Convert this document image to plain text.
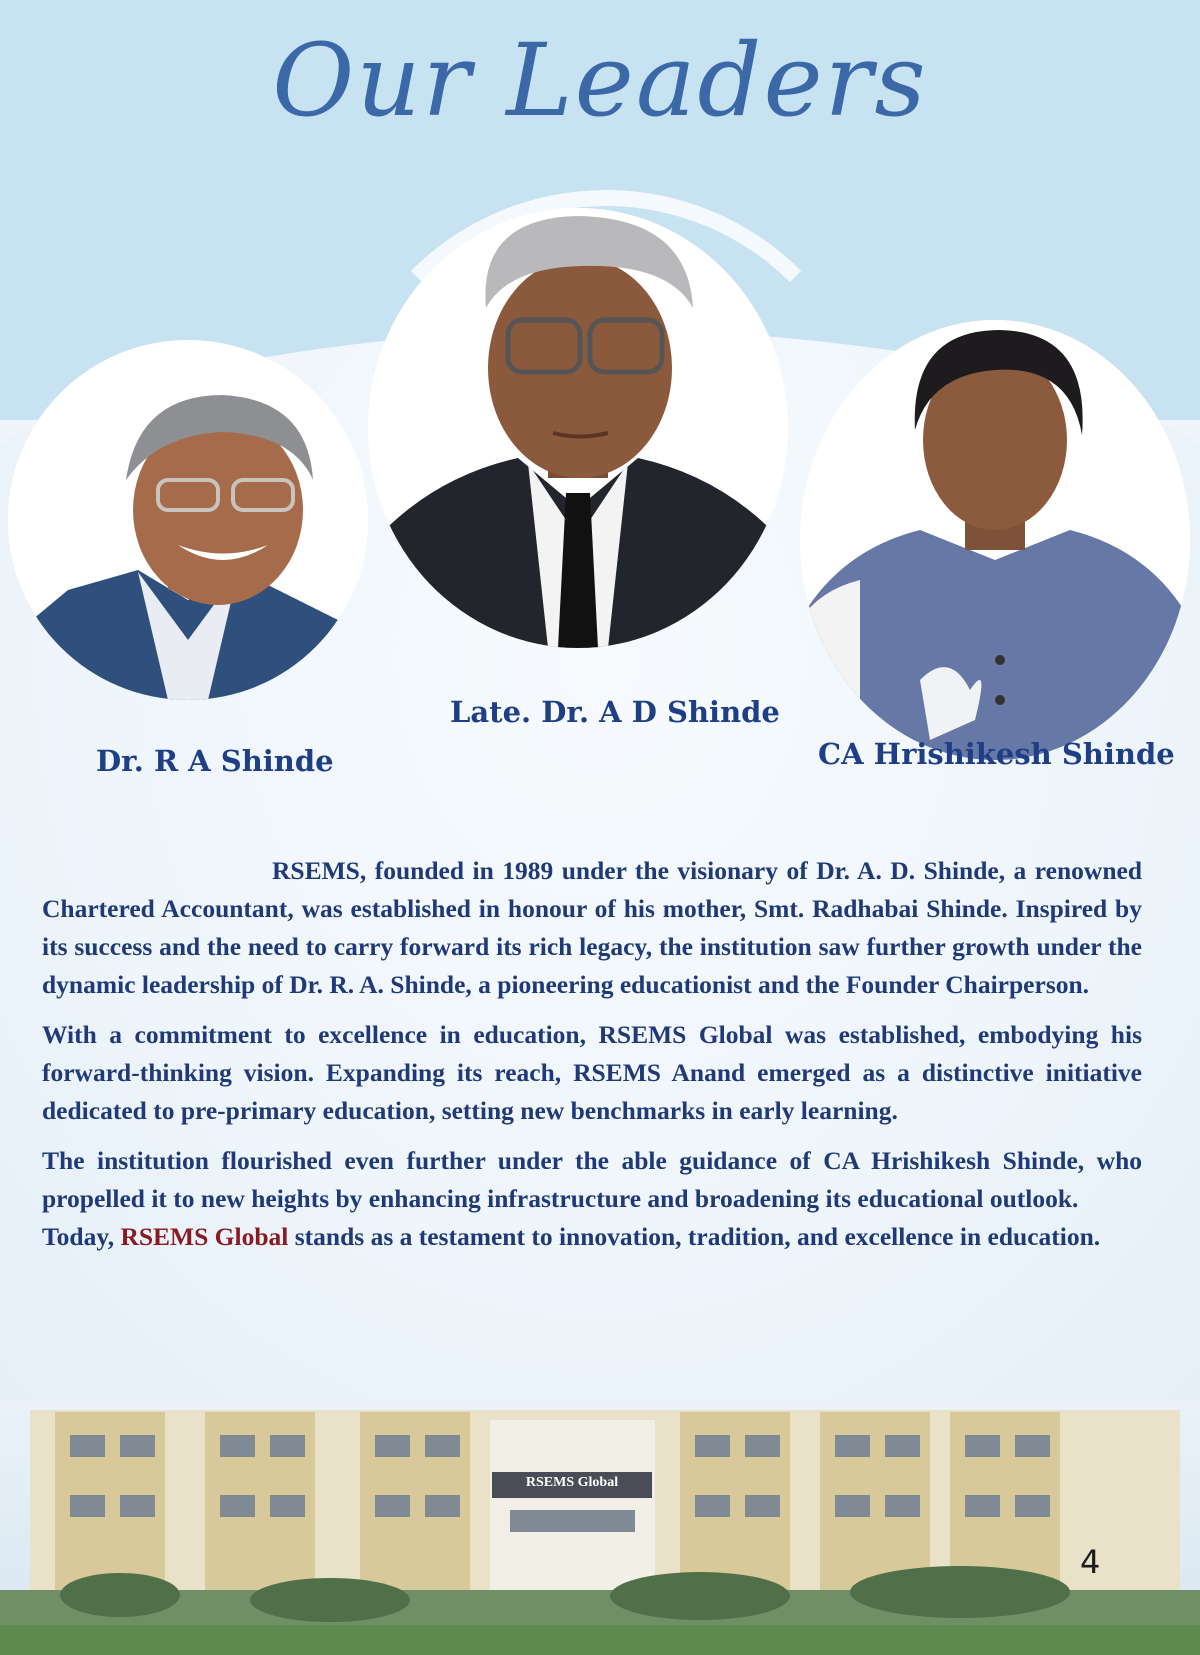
Our Leaders
Dr. R A Shinde
Late. Dr. A D Shinde
CA Hrishikesh Shinde

RSEMS, founded in 1989 under the visionary of Dr. A. D. Shinde, a renowned Chartered Accountant, was established in honour of his mother, Smt. Radhabai Shinde. Inspired by its success and the need to carry forward its rich legacy, the institution saw further growth under the dynamic leadership of Dr. R. A. Shinde, a pioneering educationist and the Founder Chairperson.

With a commitment to excellence in education, RSEMS Global was established, embodying his forward-thinking vision. Expanding its reach, RSEMS Anand emerged as a distinctive initiative dedicated to pre-primary education, setting new benchmarks in early learning.

The institution flourished even further under the able guidance of CA Hrishikesh Shinde, who propelled it to new heights by enhancing infrastructure and broadening its educational outlook.

Today, RSEMS Global stands as a testament to innovation, tradition, and excellence in education.

RSEMS Global
4
